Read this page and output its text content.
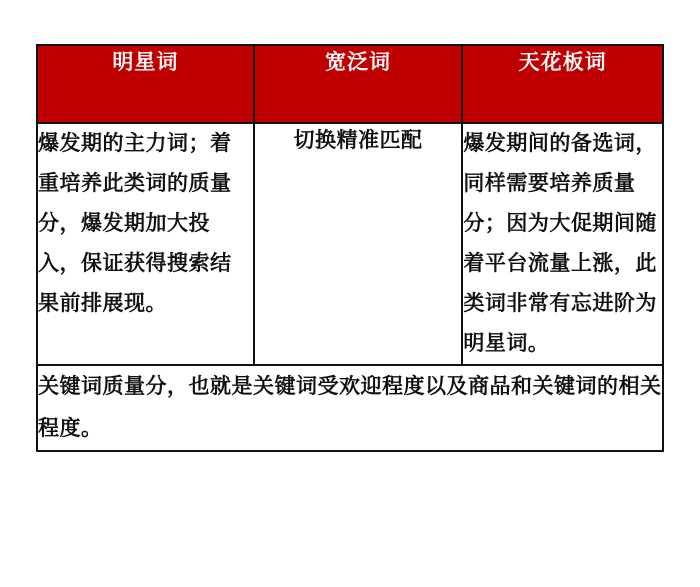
明星词	宽泛词	天花板词
爆发期的主力词；着重培养此类词的质量分，爆发期加大投入，保证获得搜索结果前排展现。	切换精准匹配	爆发期间的备选词，同样需要培养质量分；因为大促期间随着平台流量上涨，此类词非常有忘进阶为明星词。
关键词质量分，也就是关键词受欢迎程度以及商品和关键词的相关程度。		
